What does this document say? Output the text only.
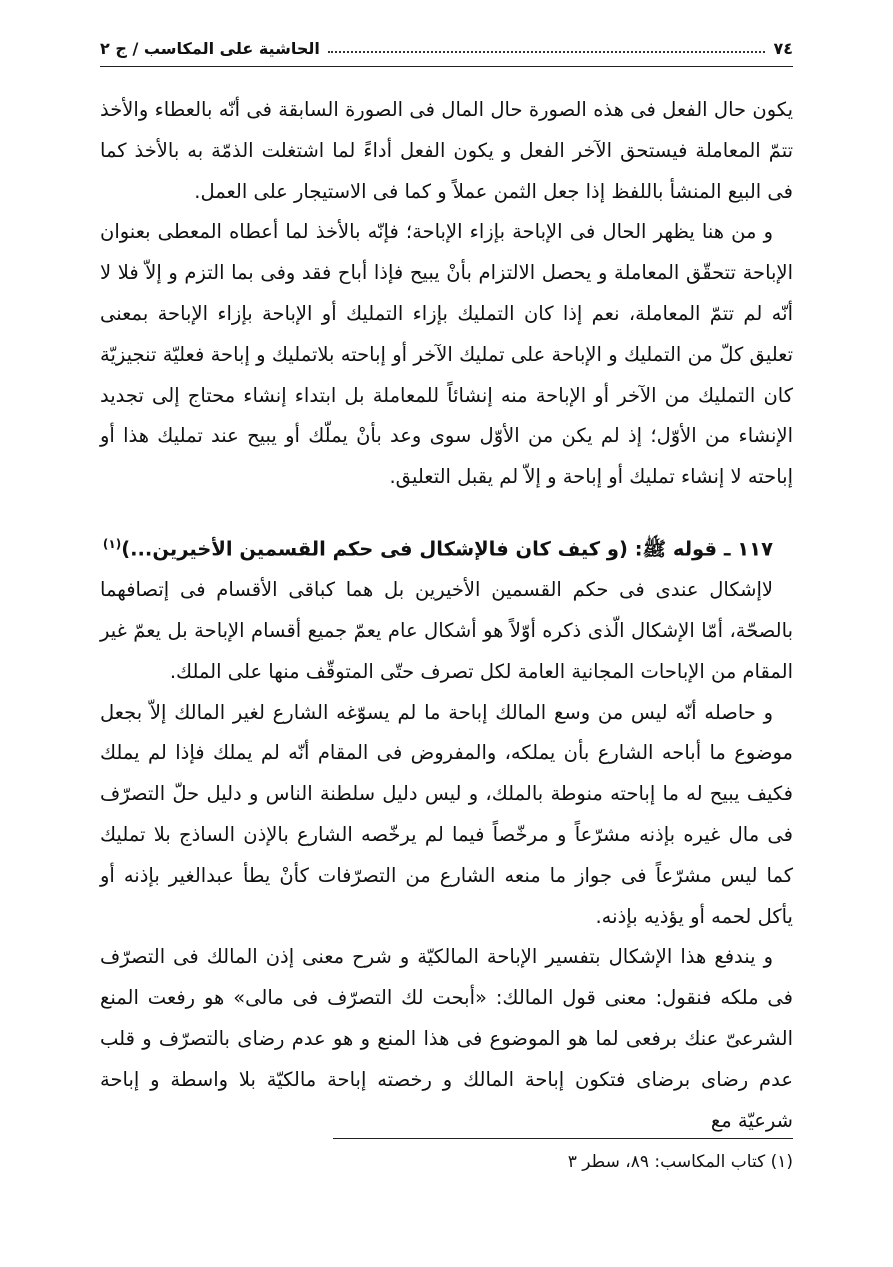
٧٤
الحاشية على المكاسب / ج ٢

يكون حال الفعل فى هذه الصورة حال المال فى الصورة السابقة فى أنّه بالعطاء والأخذ تتمّ المعاملة فيستحق الآخر الفعل و يكون الفعل أداءً لما اشتغلت الذمّة به بالأخذ كما فى البيع المنشأ باللفظ إذا جعل الثمن عملاً و كما فى الاستيجار على العمل.

و من هنا يظهر الحال فى الإباحة بإزاء الإباحة؛ فإنّه بالأخذ لما أعطاه المعطى بعنوان الإباحة تتحقّق المعاملة و يحصل الالتزام بأنْ يبيح فإذا أباح فقد وفى بما التزم و إلاّ فلا لا أنّه لم تتمّ المعاملة، نعم إذا كان التمليك بإزاء التمليك أو الإباحة بإزاء الإباحة بمعنى تعليق كلّ من التمليك و الإباحة على تمليك الآخر أو إباحته بلاتمليك و إباحة فعليّة تنجيزيّة كان التمليك من الآخر أو الإباحة منه إنشائاً للمعاملة بل ابتداء إنشاء محتاج إلى تجديد الإنشاء من الأوّل؛ إذ لم يكن من الأوّل سوى وعد بأنْ يملّك أو يبيح عند تمليك هذا أو إباحته لا إنشاء تمليك أو إباحة و إلاّ لم يقبل التعليق.

١١٧ ـ قوله ﷺ: (و كيف كان فالإشكال فى حكم القسمين الأخيرين...)$^{(١)}$

لاإشكال عندى فى حكم القسمين الأخيرين بل هما كباقى الأقسام فى إتصافهما بالصحّة، أمّا الإشكال الّذى ذكره أوّلاً هو أشكال عام يعمّ جميع أقسام الإباحة بل يعمّ غير المقام من الإباحات المجانية العامة لكل تصرف حتّى المتوقّف منها على الملك.

و حاصله أنّه ليس من وسع المالك إباحة ما لم يسوّغه الشارع لغير المالك إلاّ بجعل موضوع ما أباحه الشارع بأن يملكه، والمفروض فى المقام أنّه لم يملك فإذا لم يملك فكيف يبيح له ما إباحته منوطة بالملك، و ليس دليل سلطنة الناس و دليل حلّ التصرّف فى مال غيره بإذنه مشرّعاً و مرخّصاً فيما لم يرخّصه الشارع بالإذن الساذج بلا تمليك كما ليس مشرّعاً فى جواز ما منعه الشارع من التصرّفات كأنْ يطأ عبدالغير بإذنه أو يأكل لحمه أو يؤذيه بإذنه.

و يندفع هذا الإشكال بتفسير الإباحة المالكيّة و شرح معنى إذن المالك فى التصرّف فى ملكه فنقول: معنى قول المالك: «أبحت لك التصرّف فى مالى» هو رفعت المنع الشرعىّ عنك برفعى لما هو الموضوع فى هذا المنع و هو عدم رضاى بالتصرّف و قلب عدم رضاى برضاى فتكون إباحة المالك و رخصته إباحة مالكيّة بلا واسطة و إباحة شرعيّة مع

(١) كتاب المكاسب: ٨٩، سطر ٣
